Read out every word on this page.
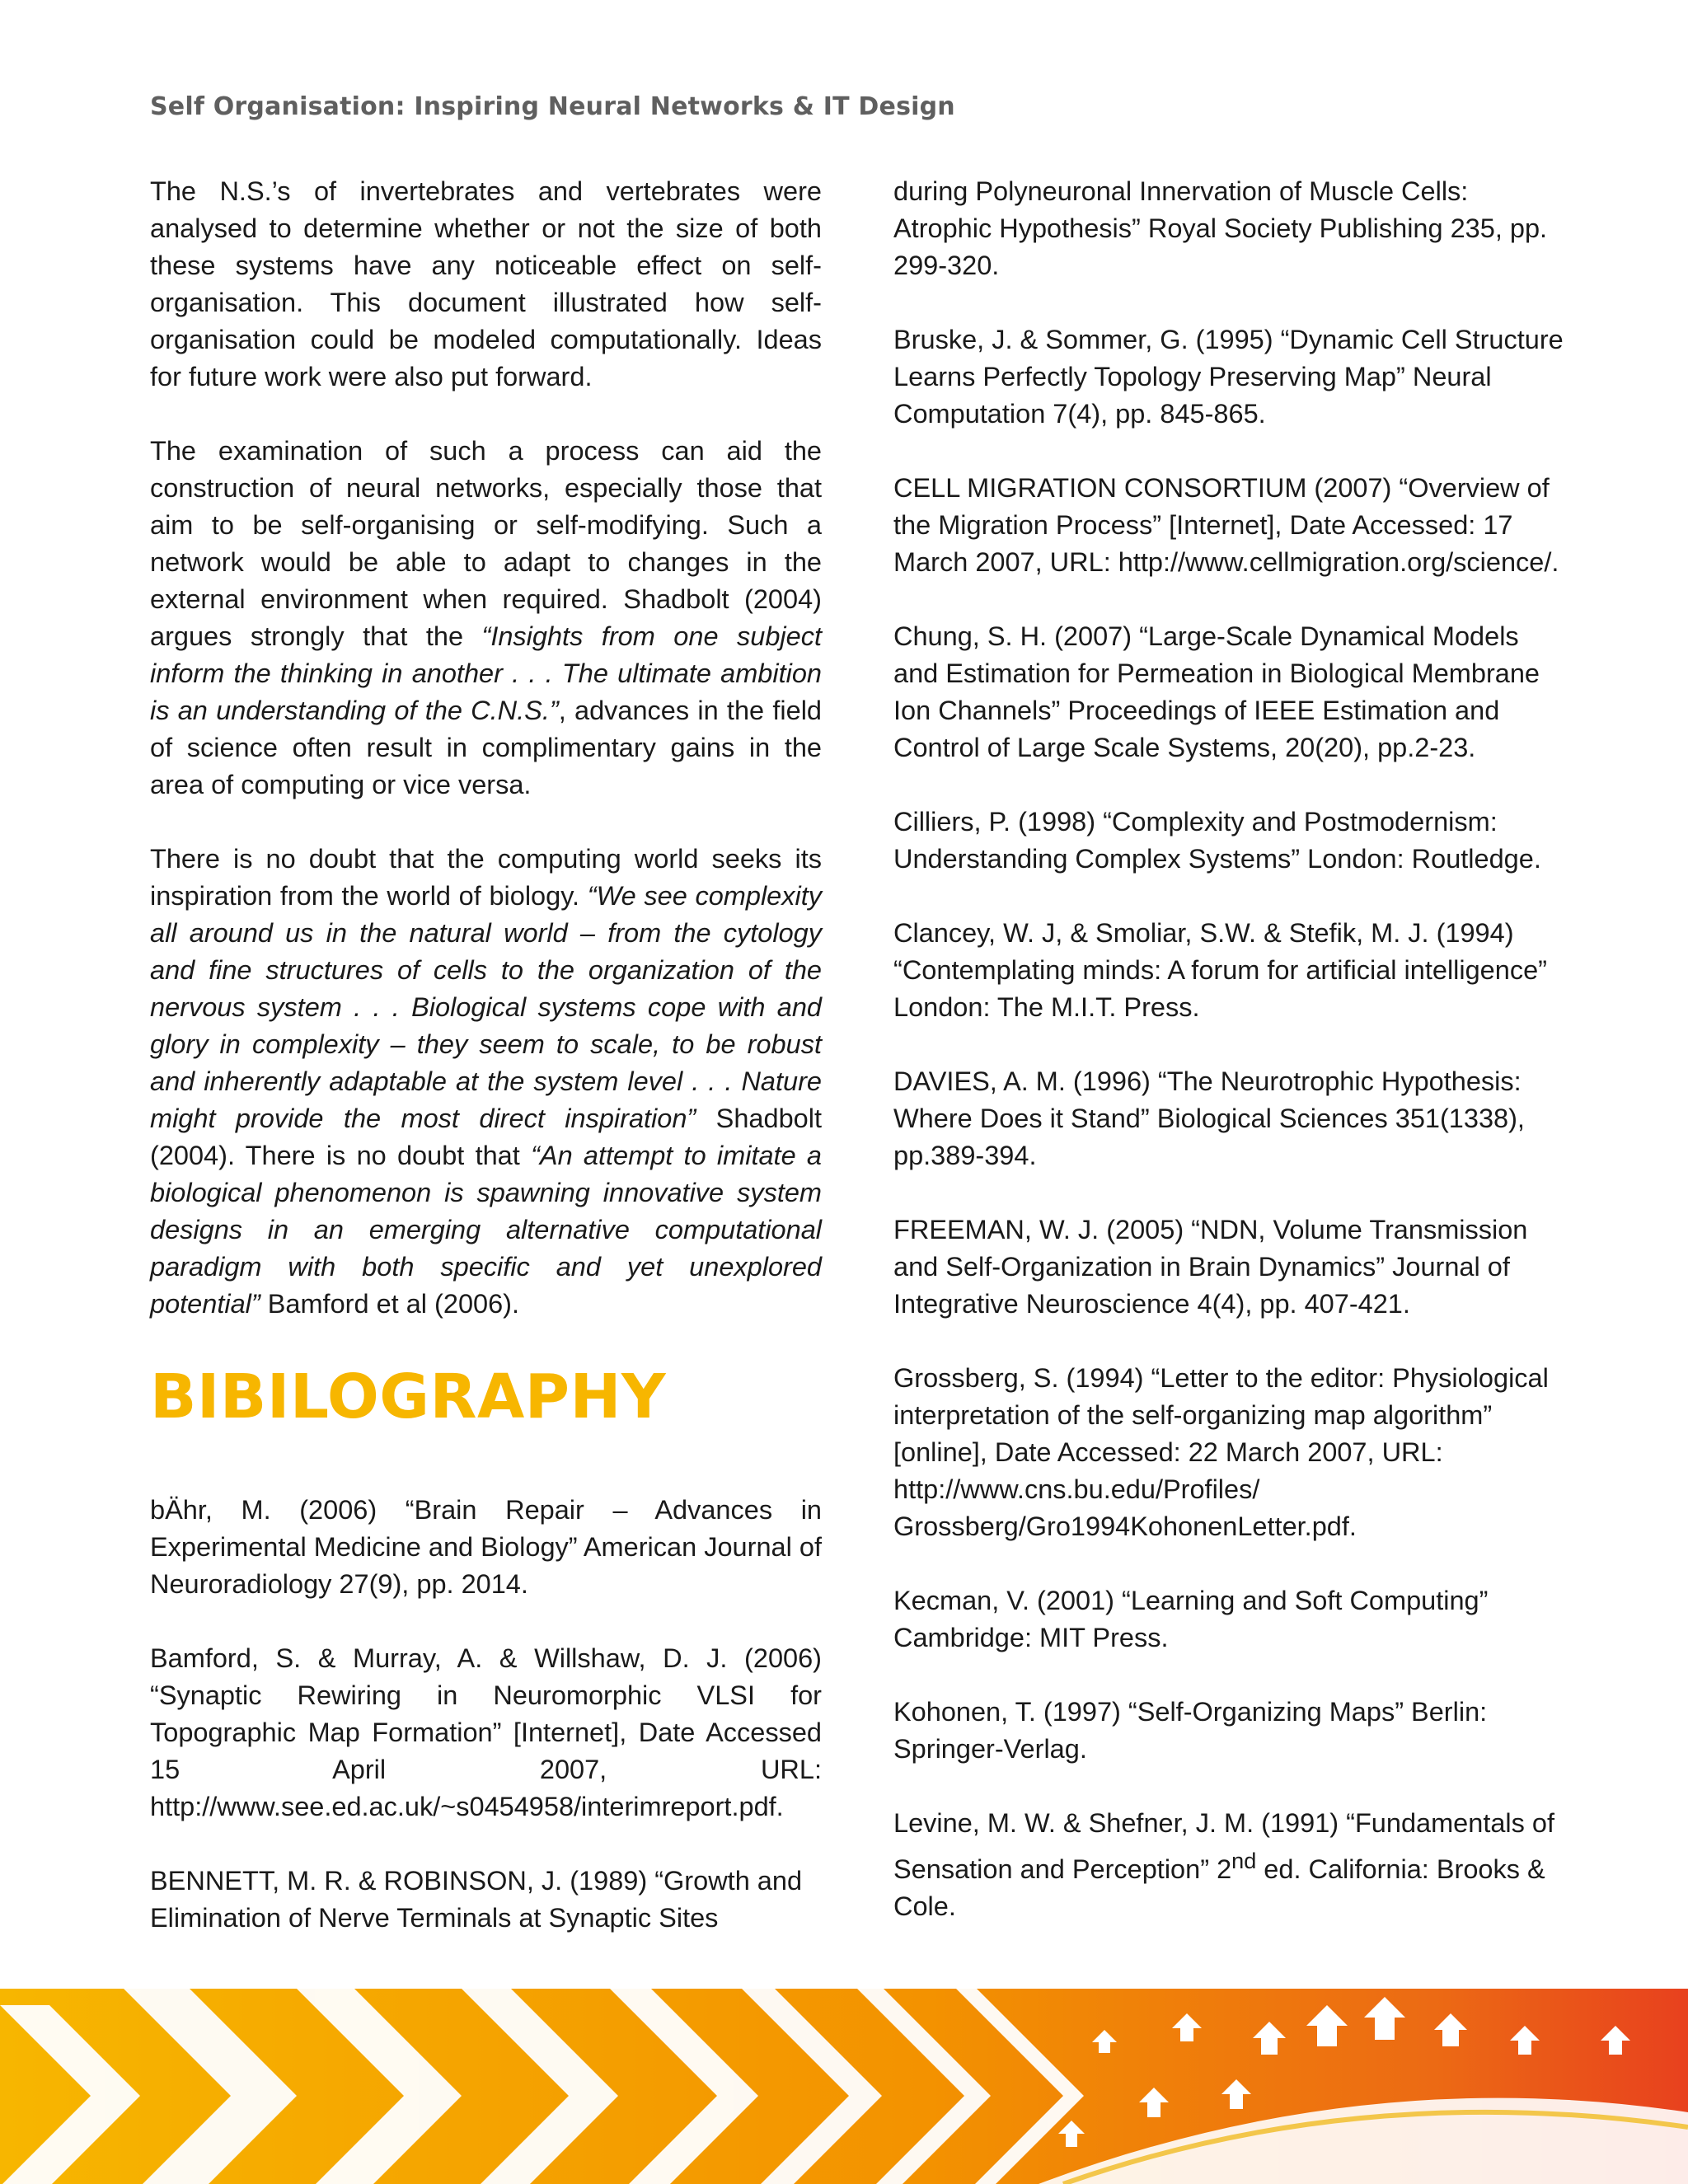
Self Organisation: Inspiring Neural Networks & IT Design

The N.S.’s of invertebrates and vertebrates were analysed to determine whether or not the size of both these systems have any noticeable effect on self-organisation. This document illustrated how self-organisation could be modeled computationally. Ideas for future work were also put forward.

The examination of such a process can aid the construction of neural networks, especially those that aim to be self-organising or self-modifying. Such a network would be able to adapt to changes in the external environment when required. Shadbolt (2004) argues strongly that the “Insights from one subject inform the thinking in another . . . The ultimate ambition is an understanding of the C.N.S.”, advances in the field of science often result in complimentary gains in the area of computing or vice versa.

There is no doubt that the computing world seeks its inspiration from the world of biology. “We see complexity all around us in the natural world – from the cytology and fine structures of cells to the organization of the nervous system . . . Biological systems cope with and glory in complexity – they seem to scale, to be robust and inherently adaptable at the system level . . . Nature might provide the most direct inspiration” Shadbolt (2004). There is no doubt that “An attempt to imitate a biological phenomenon is spawning innovative system designs in an emerging alternative computational paradigm with both specific and yet unexplored potential” Bamford et al (2006).

BIBILOGRAPHY

bÄhr, M. (2006) “Brain Repair – Advances in Experimental Medicine and Biology” American Journal of Neuroradiology 27(9), pp. 2014.

Bamford, S. & Murray, A. & Willshaw, D. J. (2006) “Synaptic Rewiring in Neuromorphic VLSI for Topographic Map Formation” [Internet], Date Accessed 15 April 2007, URL: http://www.see.ed.ac.uk/~s0454958/interimreport.pdf.

BENNETT, M. R. & ROBINSON, J. (1989) “Growth and Elimination of Nerve Terminals at Synaptic Sites

during Polyneuronal Innervation of Muscle Cells: Atrophic Hypothesis” Royal Society Publishing 235, pp. 299-320.

Bruske, J. & Sommer, G. (1995) “Dynamic Cell Structure Learns Perfectly Topology Preserving Map” Neural Computation 7(4), pp. 845-865.

CELL MIGRATION CONSORTIUM (2007) “Overview of the Migration Process” [Internet], Date Accessed: 17 March 2007, URL: http://www.cellmigration.org/science/.

Chung, S. H. (2007) “Large-Scale Dynamical Models and Estimation for Permeation in Biological Membrane Ion Channels” Proceedings of IEEE Estimation and Control of Large Scale Systems, 20(20), pp.2-23.

Cilliers, P. (1998) “Complexity and Postmodernism: Understanding Complex Systems” London: Routledge.

Clancey, W. J, & Smoliar, S.W. & Stefik, M. J. (1994) “Contemplating minds: A forum for artificial intelligence” London: The M.I.T. Press.

DAVIES, A. M. (1996) “The Neurotrophic Hypothesis: Where Does it Stand” Biological Sciences 351(1338), pp.389-394.

FREEMAN, W. J. (2005) “NDN, Volume Transmission and Self-Organization in Brain Dynamics” Journal of Integrative Neuroscience 4(4), pp. 407-421.

Grossberg, S. (1994) “Letter to the editor: Physiological interpretation of the self-organizing map algorithm” [online], Date Accessed: 22 March 2007, URL: http://www.cns.bu.edu/Profiles/ Grossberg/Gro1994KohonenLetter.pdf.

Kecman, V. (2001) “Learning and Soft Computing” Cambridge: MIT Press.

Kohonen, T. (1997) “Self-Organizing Maps” Berlin: Springer-Verlag.

Levine, M. W. & Shefner, J. M. (1991) “Fundamentals of Sensation and Perception” 2nd ed. California: Brooks & Cole.
